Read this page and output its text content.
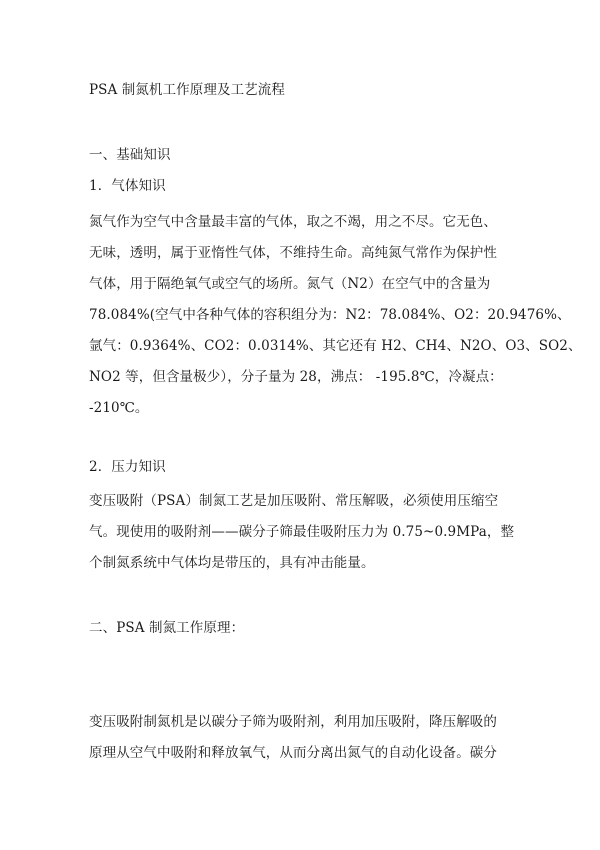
PSA 制氮机工作原理及工艺流程

一、基础知识

1．气体知识

氮气作为空气中含量最丰富的气体，取之不竭，用之不尽。它无色、
无味，透明，属于亚惰性气体，不维持生命。高纯氮气常作为保护性
气体，用于隔绝氧气或空气的场所。氮气（N2）在空气中的含量为
78.084%(空气中各种气体的容积组分为：N2：78.084%、O2：20.9476%、
氩气：0.9364%、CO2：0.0314%、其它还有 H2、CH4、N2O、O3、SO2、
NO2 等，但含量极少），分子量为 28，沸点： -195.8℃，冷凝点：
-210℃。

2．压力知识

变压吸附（PSA）制氮工艺是加压吸附、常压解吸，必须使用压缩空
气。现使用的吸附剂——碳分子筛最佳吸附压力为 0.75~0.9MPa，整
个制氮系统中气体均是带压的，具有冲击能量。

二、PSA 制氮工作原理：

变压吸附制氮机是以碳分子筛为吸附剂，利用加压吸附，降压解吸的
原理从空气中吸附和释放氧气，从而分离出氮气的自动化设备。碳分
